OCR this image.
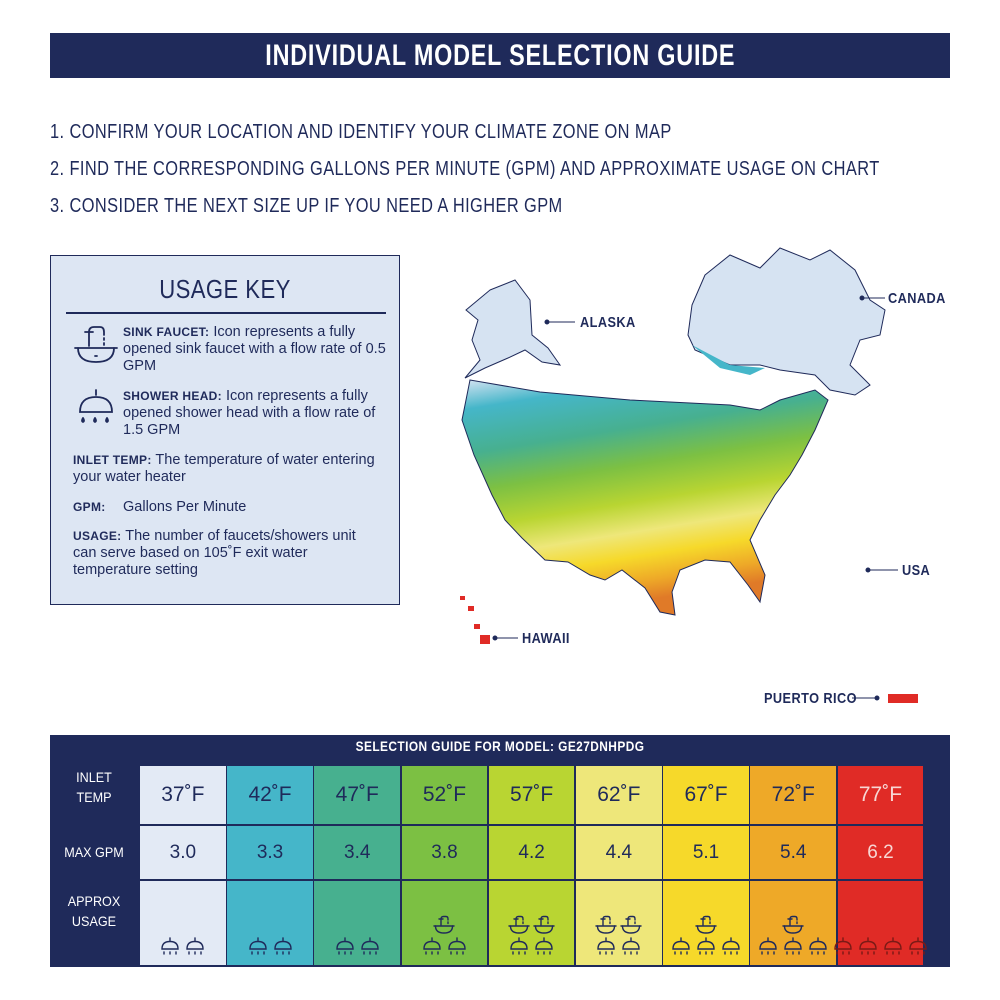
INDIVIDUAL MODEL SELECTION GUIDE
1. CONFIRM YOUR LOCATION AND IDENTIFY YOUR CLIMATE ZONE ON MAP
2. FIND THE CORRESPONDING GALLONS PER MINUTE (GPM) AND APPROXIMATE USAGE ON CHART
3. CONSIDER THE NEXT SIZE UP IF YOU NEED A HIGHER GPM
USAGE KEY
SINK FAUCET: Icon represents a fully opened sink faucet with a flow rate of 0.5 GPM
SHOWER HEAD: Icon represents a fully opened shower head with a flow rate of 1.5 GPM
INLET TEMP: The temperature of water entering your water heater
GPM: Gallons Per Minute
USAGE: The number of faucets/showers unit can serve based on 105˚F exit water temperature setting
ALASKA
CANADA
USA
HAWAII
PUERTO RICO
SELECTION GUIDE FOR MODEL: GE27DNHPDG
INLET
TEMP
MAX GPM
APPROX
USAGE
37˚F
3.0
42˚F
3.3
47˚F
3.4
52˚F
3.8
57˚F
4.2
62˚F
4.4
67˚F
5.1
72˚F
5.4
77˚F
6.2
